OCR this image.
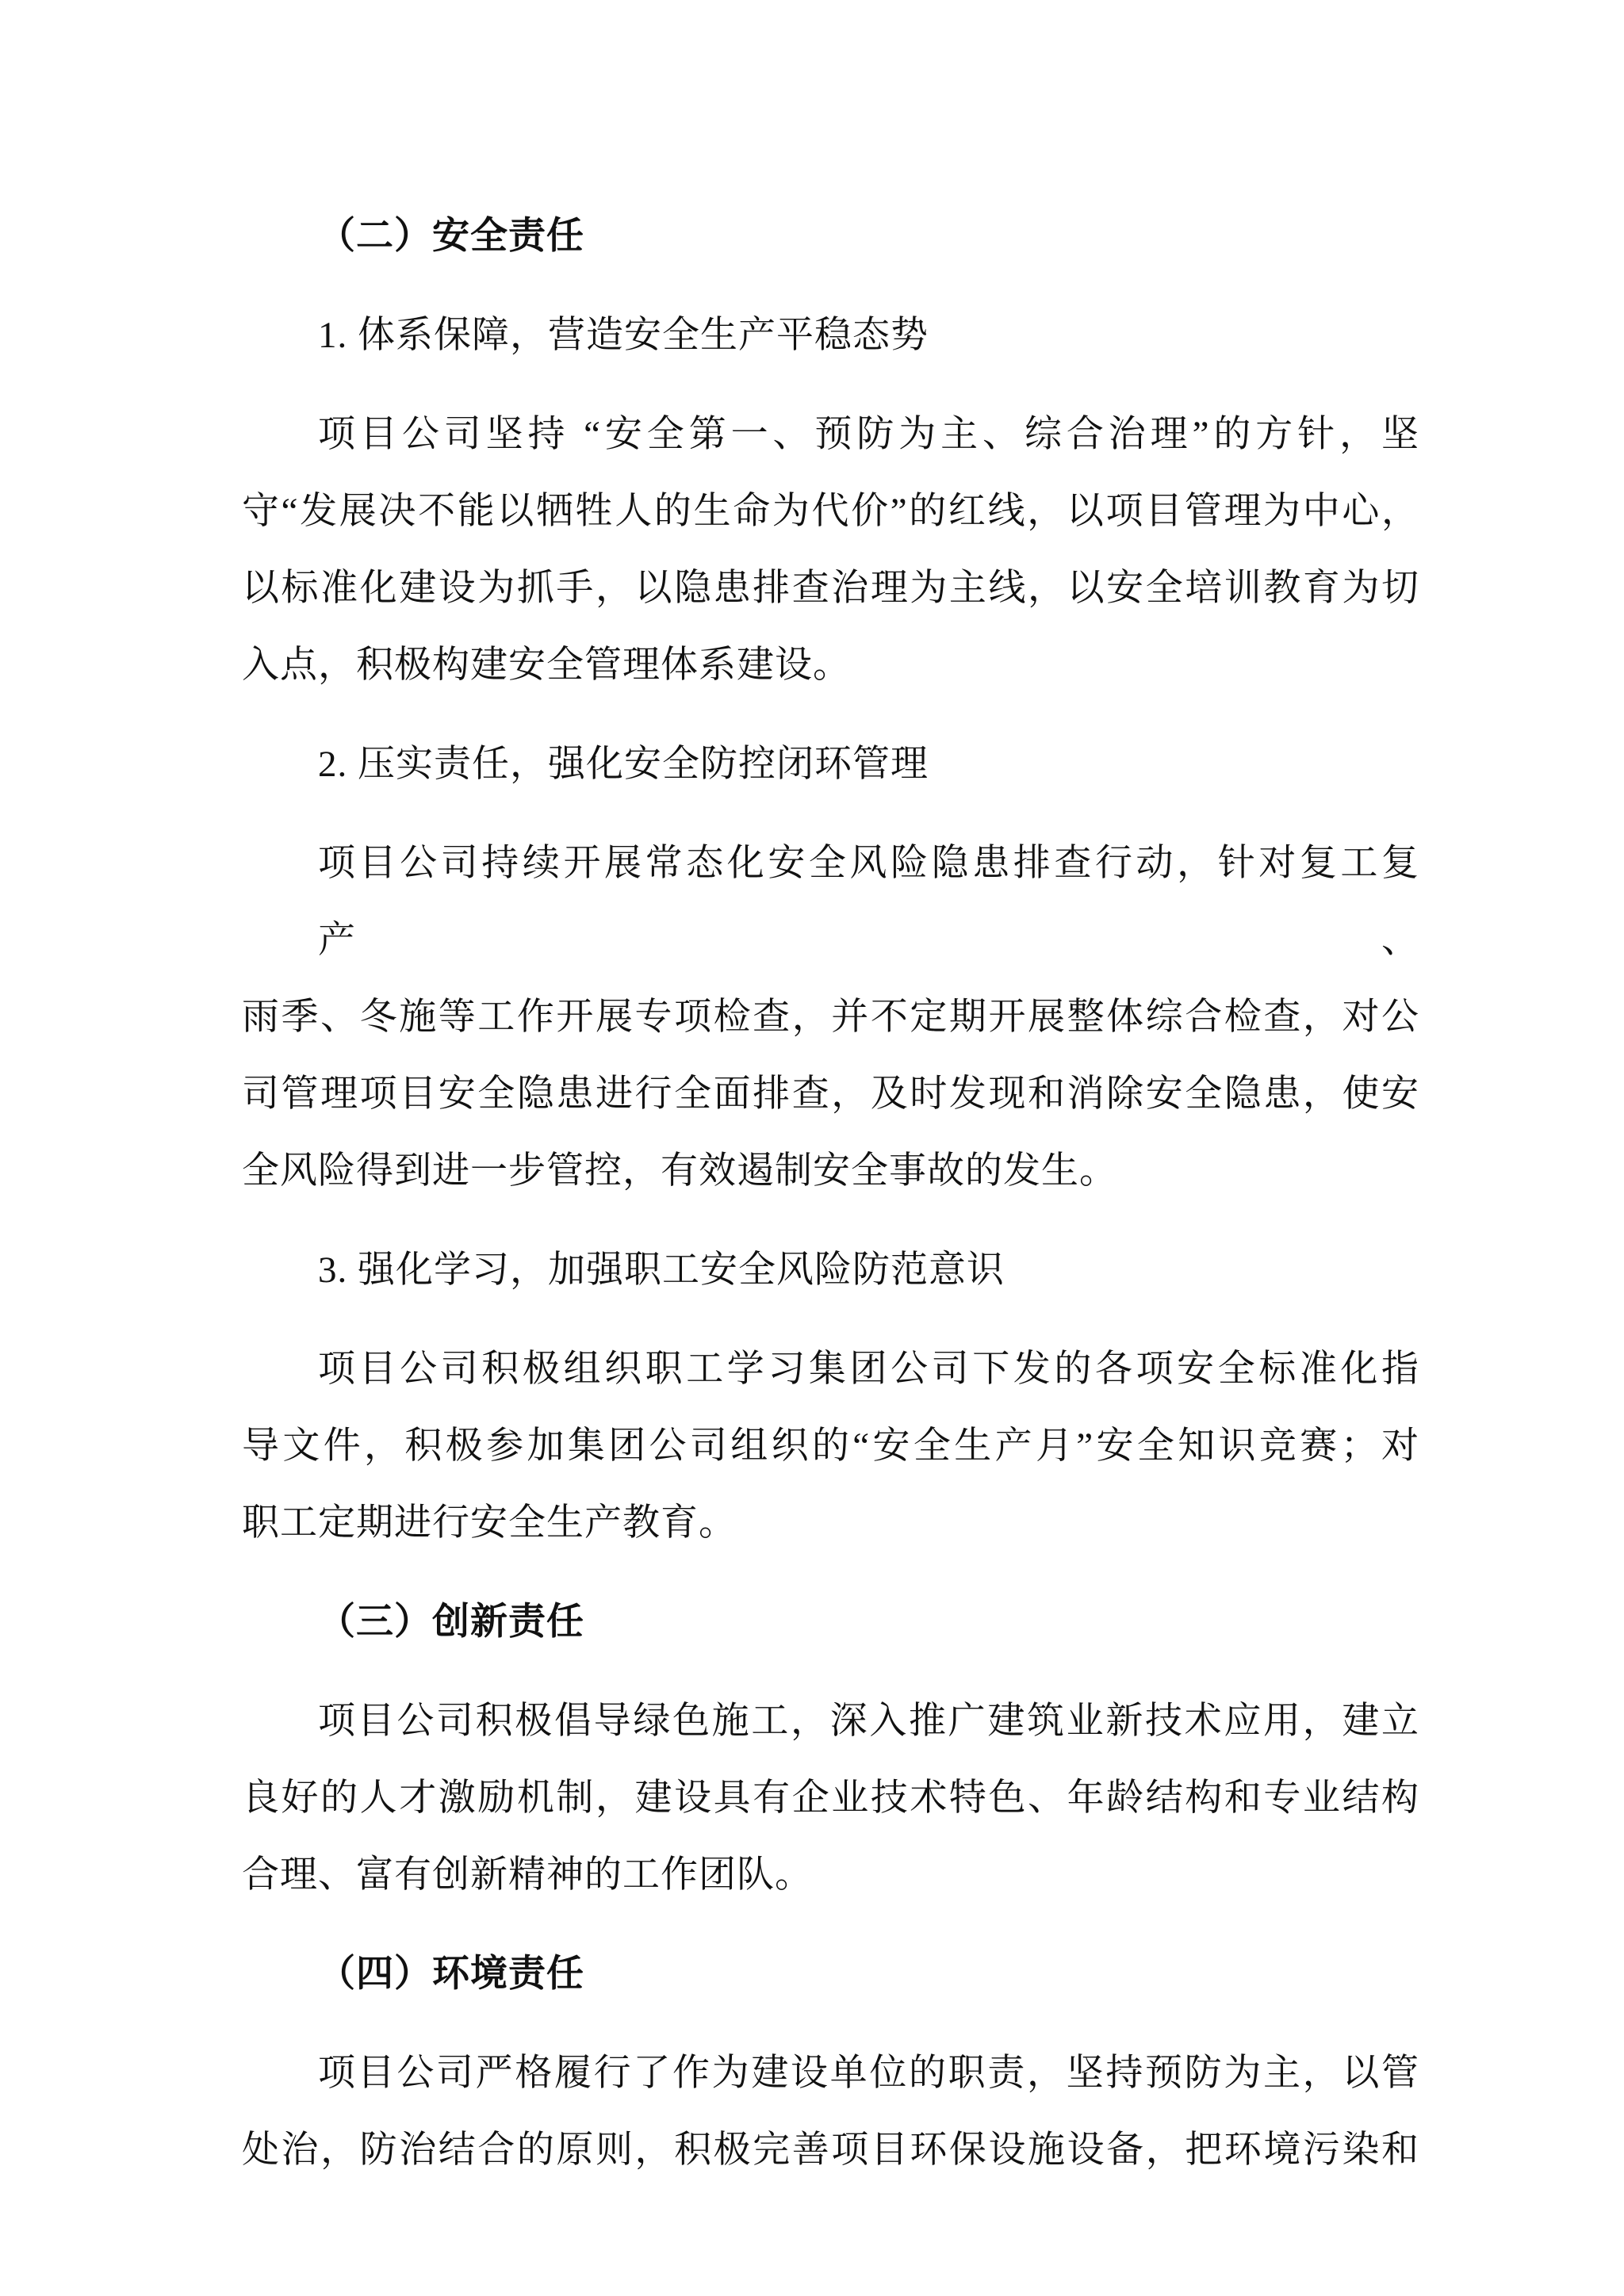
（二）安全责任
1. 体系保障，营造安全生产平稳态势
项目公司坚持 “安全第一、预防为主、综合治理”的方针，坚
守“发展决不能以牺牲人的生命为代价”的红线，以项目管理为中心，
以标准化建设为抓手，以隐患排查治理为主线，以安全培训教育为切
入点，积极构建安全管理体系建设。
2. 压实责任，强化安全防控闭环管理
项目公司持续开展常态化安全风险隐患排查行动，针对复工复产、
雨季、冬施等工作开展专项检查，并不定期开展整体综合检查，对公
司管理项目安全隐患进行全面排查，及时发现和消除安全隐患，使安
全风险得到进一步管控，有效遏制安全事故的发生。
3. 强化学习，加强职工安全风险防范意识
项目公司积极组织职工学习集团公司下发的各项安全标准化指
导文件，积极参加集团公司组织的“安全生产月”安全知识竞赛；对
职工定期进行安全生产教育。
（三）创新责任
项目公司积极倡导绿色施工，深入推广建筑业新技术应用，建立
良好的人才激励机制，建设具有企业技术特色、年龄结构和专业结构
合理、富有创新精神的工作团队。
（四）环境责任
项目公司严格履行了作为建设单位的职责，坚持预防为主，以管
处治，防治结合的原则，积极完善项目环保设施设备，把环境污染和
